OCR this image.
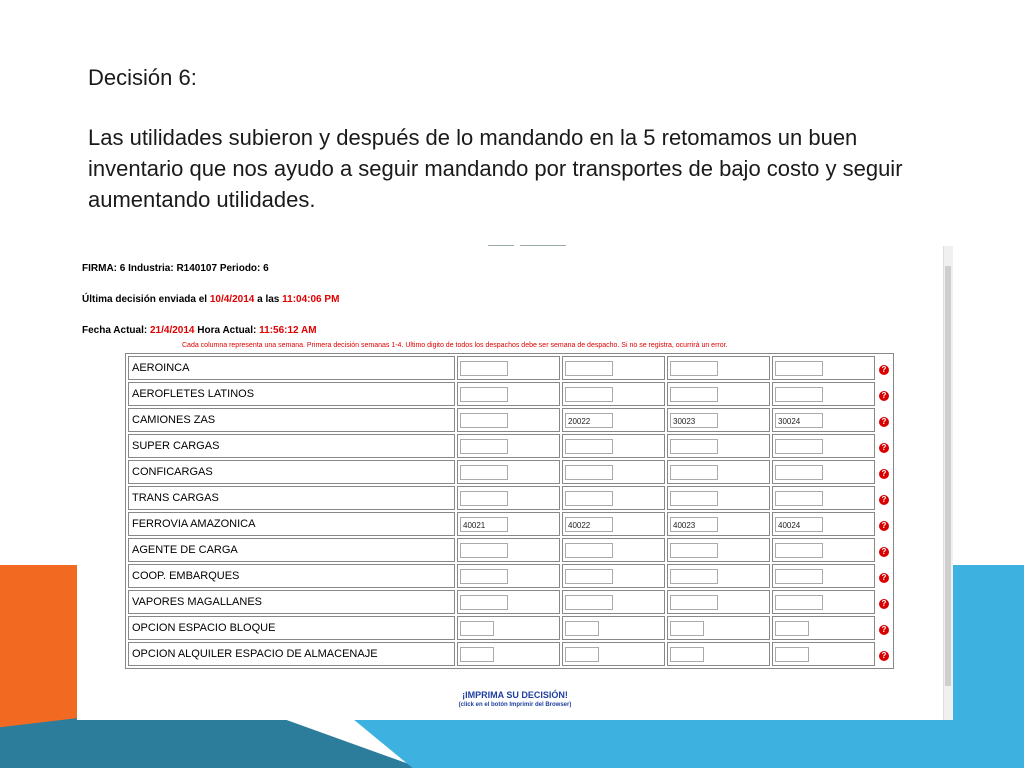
Decisión 6:
Las utilidades subieron y después de lo mandando en la 5 retomamos un buen inventario que nos ayudo a seguir mandando por transportes de bajo costo y seguir aumentando utilidades.
FIRMA: 6 Industria: R140107 Periodo: 6
Última decisión enviada el 10/4/2014 a las 11:04:06 PM
Fecha Actual: 21/4/2014 Hora Actual: 11:56:12 AM
Cada columna representa una semana. Primera decisión semanas 1-4. Ultimo digito de todos los despachos debe ser semana de despacho. Si no se registra, ocurrirá un error.
AEROINCA					?
AEROFLETES LATINOS					?
CAMIONES ZAS		20022	30023	30024	?
SUPER CARGAS					?
CONFICARGAS					?
TRANS CARGAS					?
FERROVIA AMAZONICA	40021	40022	40023	40024	?
AGENTE DE CARGA					?
COOP. EMBARQUES					?
VAPORES MAGALLANES					?
OPCION ESPACIO BLOQUE					?
OPCION ALQUILER ESPACIO DE ALMACENAJE					?
¡IMPRIMA SU DECISIÓN!
(click en el botón Imprimir del Browser)
